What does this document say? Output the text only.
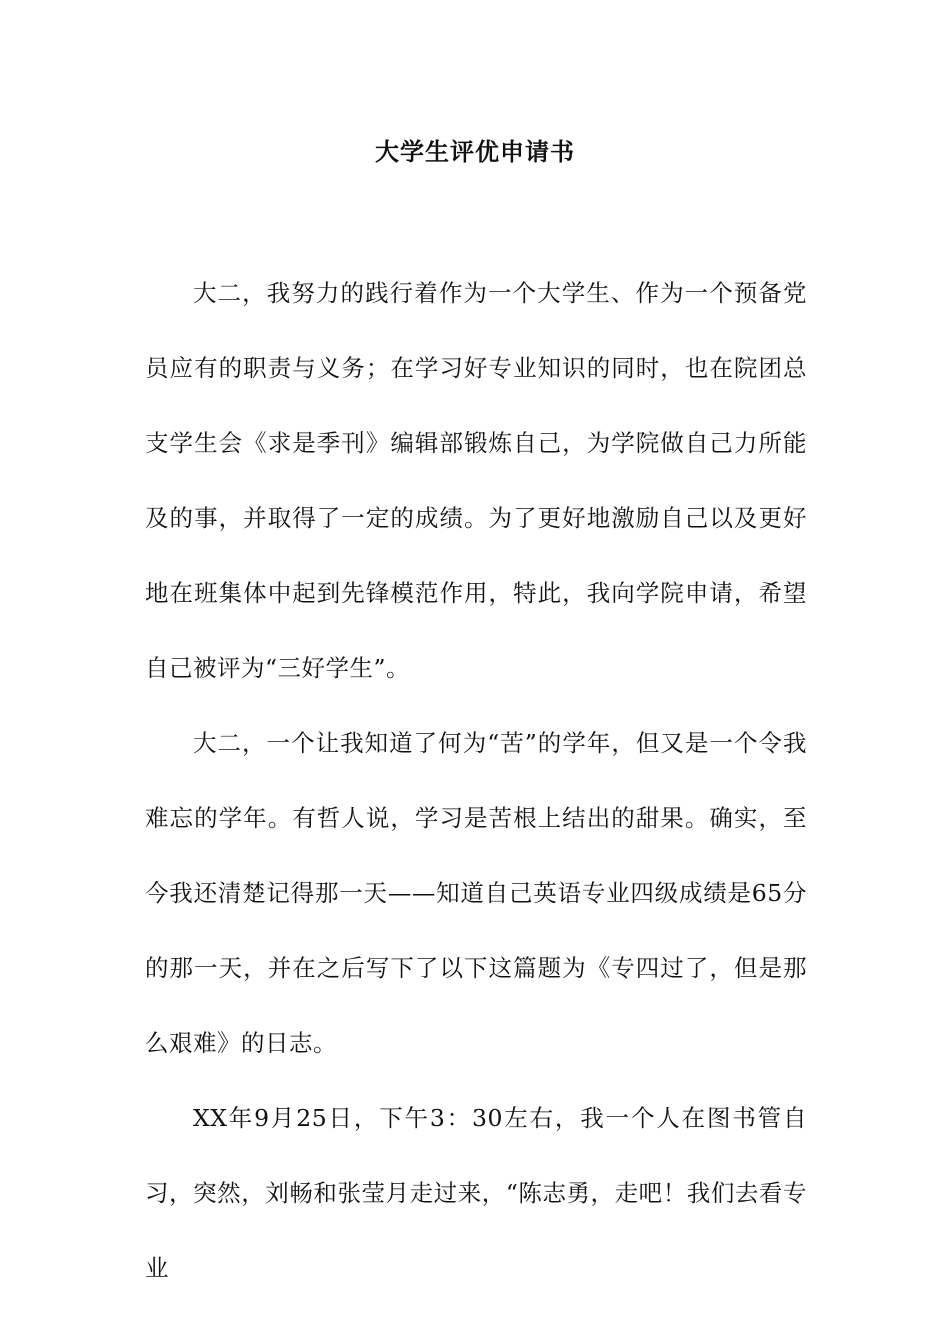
大学生评优申请书

大二，我努力的践行着作为一个大学生、作为一个预备党员应有的职责与义务；在学习好专业知识的同时，也在院团总支学生会《求是季刊》编辑部锻炼自己，为学院做自己力所能及的事，并取得了一定的成绩。为了更好地激励自己以及更好地在班集体中起到先锋模范作用，特此，我向学院申请，希望自己被评为“三好学生”。

大二，一个让我知道了何为“苦”的学年，但又是一个令我难忘的学年。有哲人说，学习是苦根上结出的甜果。确实，至今我还清楚记得那一天——知道自己英语专业四级成绩是65分的那一天，并在之后写下了以下这篇题为《专四过了，但是那么艰难》的日志。

XX年9月25日，下午3：30左右，我一个人在图书管自习，突然，刘畅和张莹月走过来，“陈志勇，走吧！我们去看专业
